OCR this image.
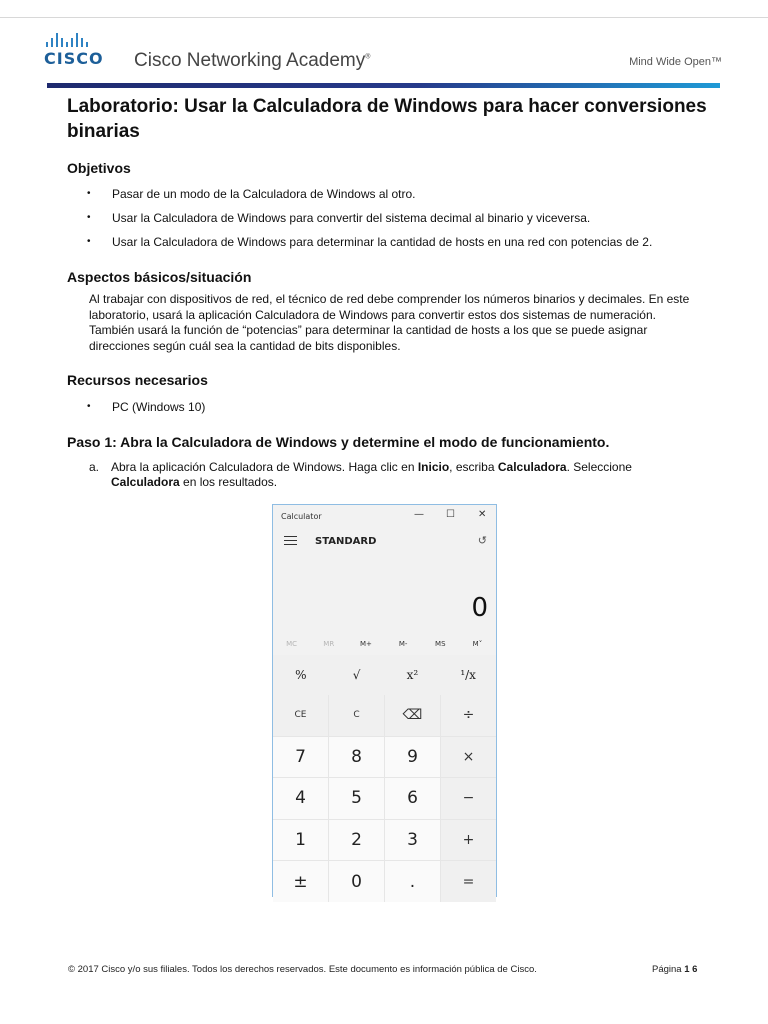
CISCO Cisco Networking Academy®	Mind Wide Open™
Laboratorio: Usar la Calculadora de Windows para hacer conversiones binarias
Objetivos
• Pasar de un modo de la Calculadora de Windows al otro.
• Usar la Calculadora de Windows para convertir del sistema decimal al binario y viceversa.
• Usar la Calculadora de Windows para determinar la cantidad de hosts en una red con potencias de 2.
Aspectos básicos/situación

Al trabajar con dispositivos de red, el técnico de red debe comprender los números binarios y decimales. En este laboratorio, usará la aplicación Calculadora de Windows para convertir estos dos sistemas de numeración. También usará la función de “potencias” para determinar la cantidad de hosts a los que se puede asignar direcciones según cuál sea la cantidad de bits disponibles.

Recursos necesarios
• PC (Windows 10)
Paso 1: Abra la Calculadora de Windows y determine el modo de funcionamiento.
a. Abra la aplicación Calculadora de Windows. Haga clic en Inicio, escriba Calculadora. Seleccione
Calculadora en los resultados.
Calculator	— ☐ ✕
STANDARD	↺
0
MC	MR	M+	M-	MS	M˅
%	√	x²	¹/x
CE	C	⌫	÷
7	8	9	×
4	5	6	−
1	2	3	+
±	0	.	=
© 2017 Cisco y/o sus filiales. Todos los derechos reservados. Este documento es información pública de Cisco.	Página 1 6
